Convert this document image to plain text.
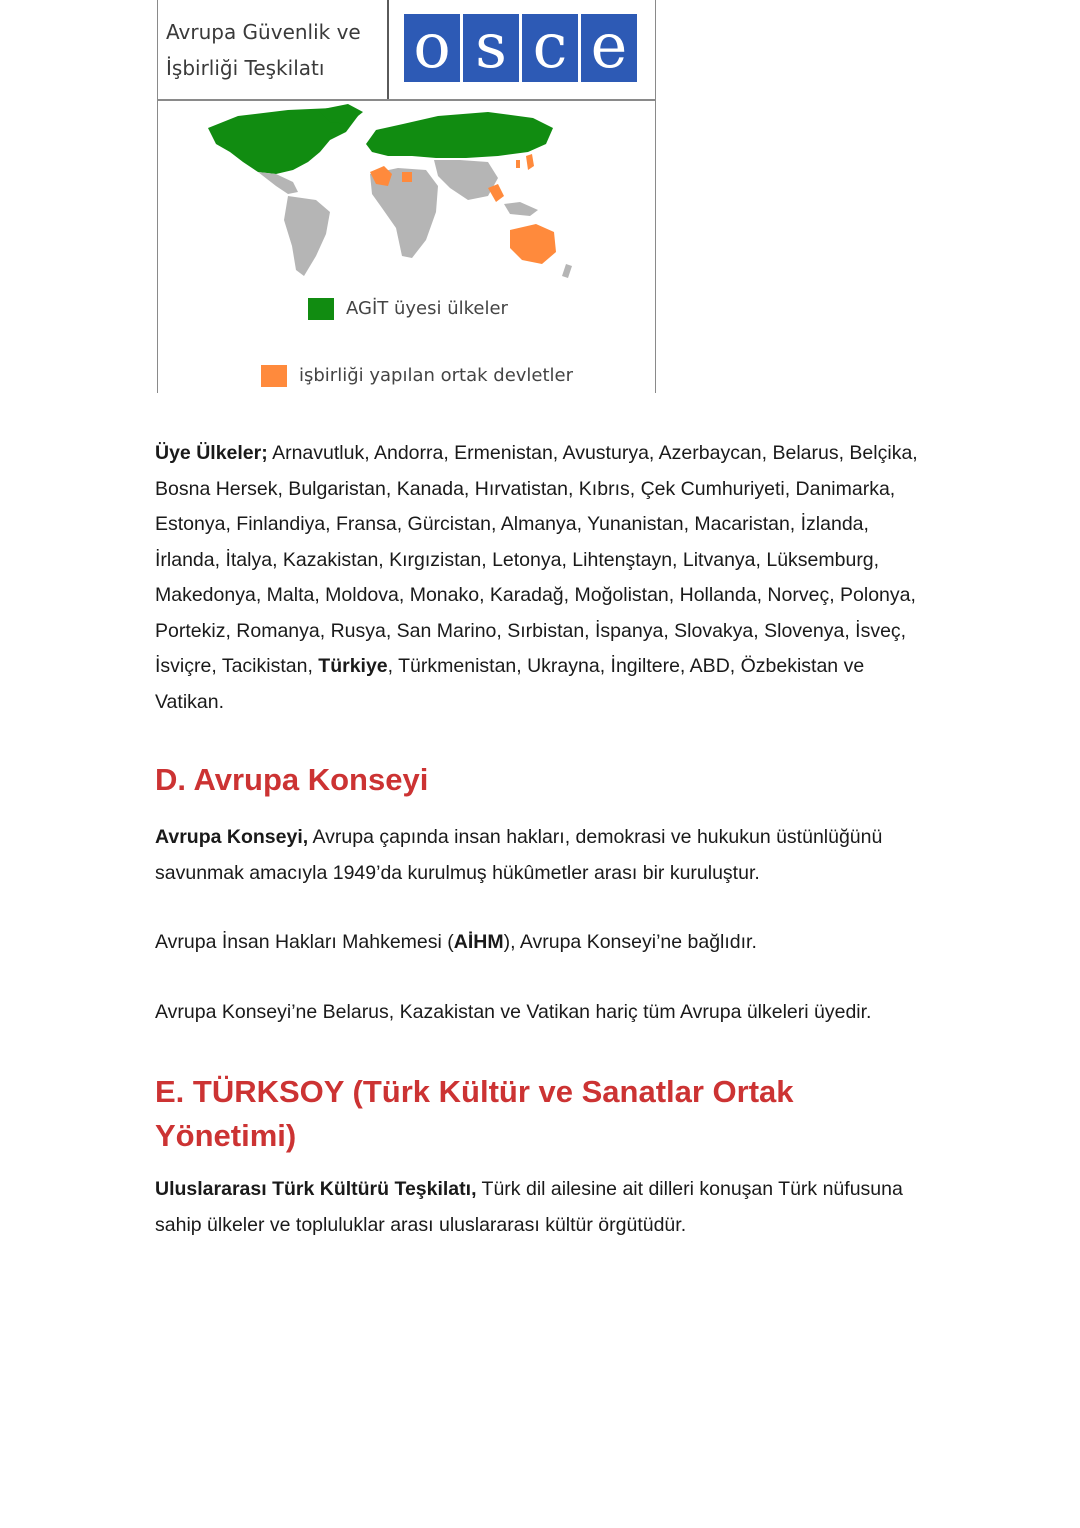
Avrupa Güvenlik ve
İşbirliği Teşkilatı	o s c e
AGİT üyesi ülkeler
işbirliği yapılan ortak devletler

Üye Ülkeler; Arnavutluk, Andorra, Ermenistan, Avusturya, Azerbaycan, Belarus, Belçika, Bosna Hersek, Bulgaristan, Kanada, Hırvatistan, Kıbrıs, Çek Cumhuriyeti, Danimarka, Estonya, Finlandiya, Fransa, Gürcistan, Almanya, Yunanistan, Macaristan, İzlanda, İrlanda, İtalya, Kazakistan, Kırgızistan, Letonya, Lihtenştayn, Litvanya, Lüksemburg, Makedonya, Malta, Moldova, Monako, Karadağ, Moğolistan, Hollanda, Norveç, Polonya, Portekiz, Romanya, Rusya, San Marino, Sırbistan, İspanya, Slovakya, Slovenya, İsveç, İsviçre, Tacikistan, Türkiye, Türkmenistan, Ukrayna, İngiltere, ABD, Özbekistan ve Vatikan.

D. Avrupa Konseyi

Avrupa Konseyi, Avrupa çapında insan hakları, demokrasi ve hukukun üstünlüğünü savunmak amacıyla 1949’da kurulmuş hükûmetler arası bir kuruluştur.

Avrupa İnsan Hakları Mahkemesi (AİHM), Avrupa Konseyi’ne bağlıdır.

Avrupa Konseyi’ne Belarus, Kazakistan ve Vatikan hariç tüm Avrupa ülkeleri üyedir.

E. TÜRKSOY (Türk Kültür ve Sanatlar Ortak Yönetimi)

Uluslararası Türk Kültürü Teşkilatı, Türk dil ailesine ait dilleri konuşan Türk nüfusuna sahip ülkeler ve topluluklar arası uluslararası kültür örgütüdür.
